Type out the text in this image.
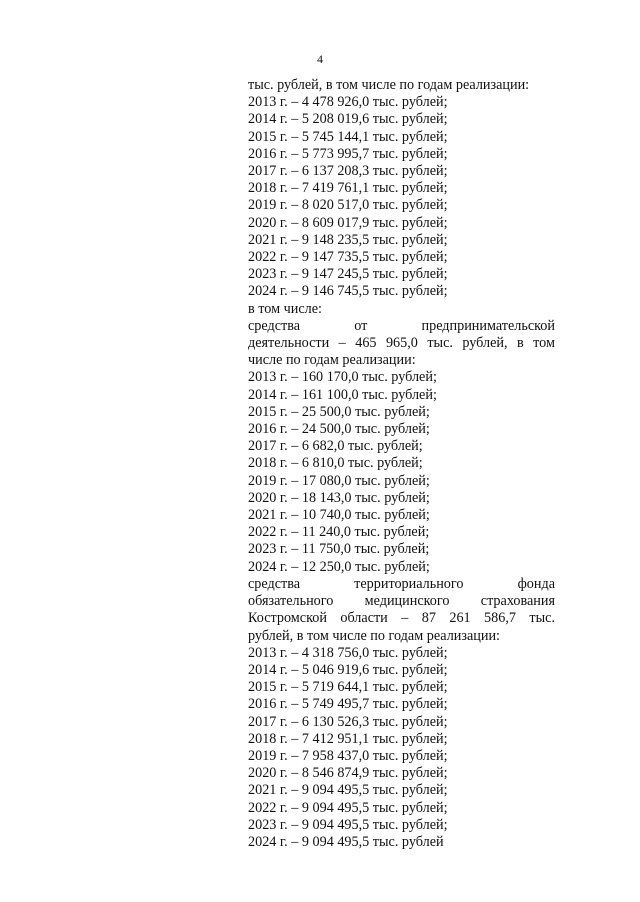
4
тыс. рублей, в том числе по годам реализации:
2013 г. – 4 478 926,0 тыс. рублей;
2014 г. – 5 208 019,6 тыс. рублей;
2015 г. – 5 745 144,1 тыс. рублей;
2016 г. – 5 773 995,7 тыс. рублей;
2017 г. – 6 137 208,3 тыс. рублей;
2018 г. – 7 419 761,1 тыс. рублей;
2019 г. – 8 020 517,0 тыс. рублей;
2020 г. – 8 609 017,9 тыс. рублей;
2021 г. – 9 148 235,5 тыс. рублей;
2022 г. – 9 147 735,5 тыс. рублей;
2023 г. – 9 147 245,5 тыс. рублей;
2024 г. – 9 146 745,5 тыс. рублей;
в том числе:
средства от предпринимательской
деятельности – 465 965,0 тыс. рублей, в том
числе по годам реализации:
2013 г. – 160 170,0 тыс. рублей;
2014 г. – 161 100,0 тыс. рублей;
2015 г. – 25 500,0 тыс. рублей;
2016 г. – 24 500,0 тыс. рублей;
2017 г. – 6 682,0 тыс. рублей;
2018 г. – 6 810,0 тыс. рублей;
2019 г. – 17 080,0 тыс. рублей;
2020 г. – 18 143,0 тыс. рублей;
2021 г. – 10 740,0 тыс. рублей;
2022 г. – 11 240,0 тыс. рублей;
2023 г. – 11 750,0 тыс. рублей;
2024 г. – 12 250,0 тыс. рублей;
средства территориального фонда
обязательного медицинского страхования
Костромской области – 87 261 586,7 тыс.
рублей, в том числе по годам реализации:
2013 г. – 4 318 756,0 тыс. рублей;
2014 г. – 5 046 919,6 тыс. рублей;
2015 г. – 5 719 644,1 тыс. рублей;
2016 г. – 5 749 495,7 тыс. рублей;
2017 г. – 6 130 526,3 тыс. рублей;
2018 г. – 7 412 951,1 тыс. рублей;
2019 г. – 7 958 437,0 тыс. рублей;
2020 г. – 8 546 874,9 тыс. рублей;
2021 г. – 9 094 495,5 тыс. рублей;
2022 г. – 9 094 495,5 тыс. рублей;
2023 г. – 9 094 495,5 тыс. рублей;
2024 г. – 9 094 495,5 тыс. рублей
